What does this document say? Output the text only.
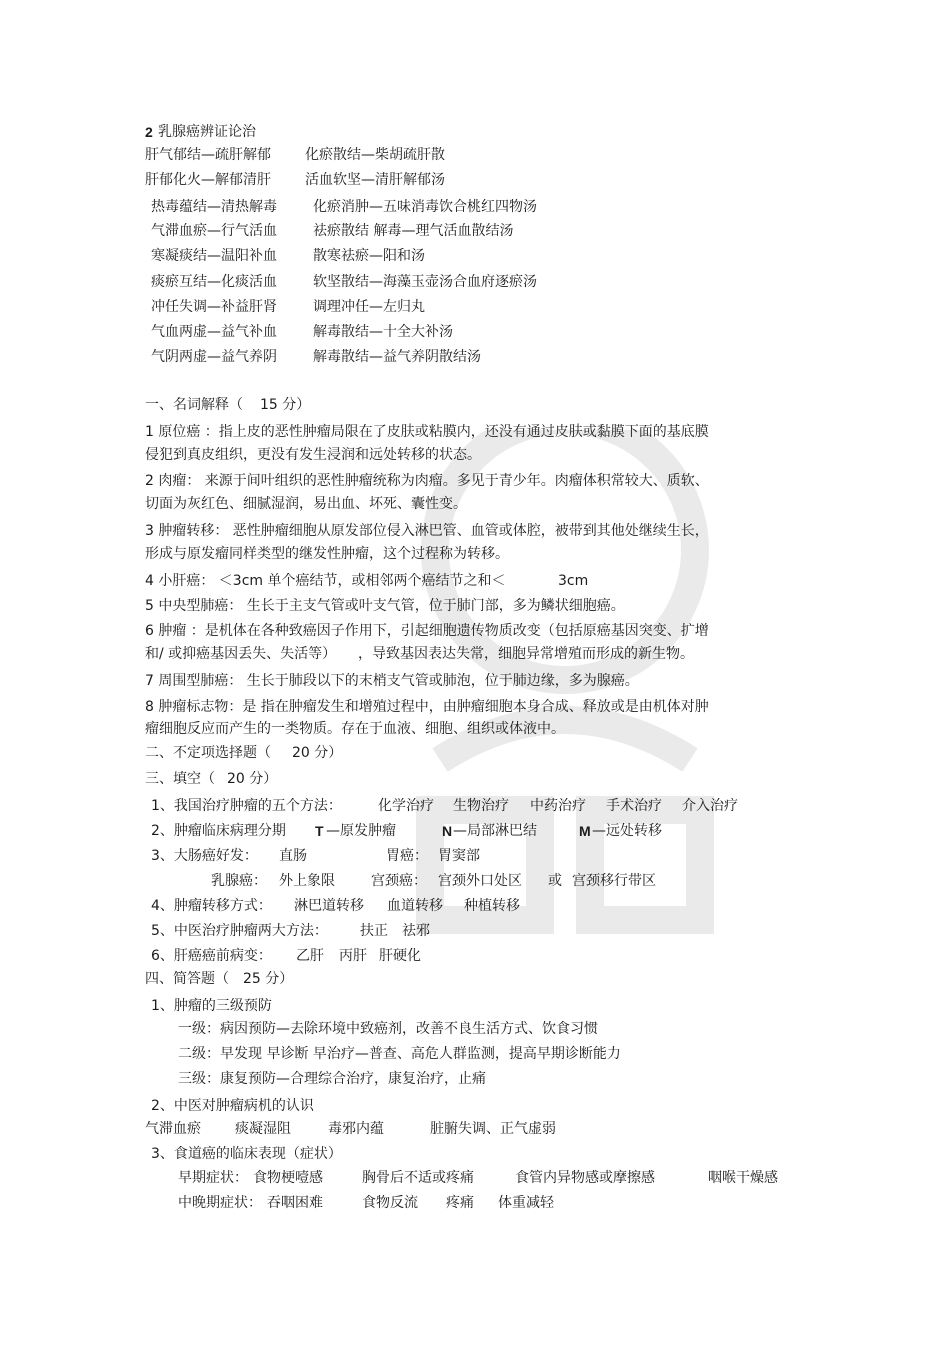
2 乳腺癌辨证论治
肝气郁结—疏肝解郁 化瘀散结—柴胡疏肝散
肝郁化火—解郁清肝 活血软坚—清肝解郁汤
热毒蕴结—清热解毒	化瘀消肿—五味消毒饮合桃红四物汤
气滞血瘀—行气活血	祛瘀散结 解毒—理气活血散结汤
寒凝痰结—温阳补血	散寒祛瘀—阳和汤
痰瘀互结—化痰活血	软坚散结—海藻玉壶汤合血府逐瘀汤
冲任失调—补益肝肾	调理冲任—左归丸
气血两虚—益气补血	解毒散结—十全大补汤
气阴两虚—益气养阴	解毒散结—益气养阴散结汤
一、名词解释（ 15 分）
1 原位癌 ：指上皮的恶性肿瘤局限在了皮肤或粘膜内，还没有通过皮肤或黏膜下面的基底膜
侵犯到真皮组织，更没有发生浸润和远处转移的状态。
2 肉瘤： 来源于间叶组织的恶性肿瘤统称为肉瘤。多见于青少年。肉瘤体积常较大、质软、
切面为灰红色、细腻湿润，易出血、坏死、囊性变。
3 肿瘤转移： 恶性肿瘤细胞从原发部位侵入淋巴管、血管或体腔，被带到其他处继续生长，
形成与原发瘤同样类型的继发性肿瘤，这个过程称为转移。
4 小肝癌： ＜3cm 单个癌结节，或相邻两个癌结节之和＜	3cm
5 中央型肺癌： 生长于主支气管或叶支气管，位于肺门部，多为鳞状细胞癌。
6 肿瘤 ：是机体在各种致癌因子作用下，引起细胞遗传物质改变（包括原癌基因突变、扩增
和/ 或抑癌基因丢失、失活等） ，导致基因表达失常，细胞异常增殖而形成的新生物。
7 周围型肺癌： 生长于肺段以下的末梢支气管或肺泡，位于肺边缘，多为腺癌。
8 肿瘤标志物：是 指在肿瘤发生和增殖过程中，由肿瘤细胞本身合成、释放或是由机体对肿
瘤细胞反应而产生的一类物质。存在于血液、细胞、组织或体液中。
二、不定项选择题（ 20 分）
三、填空（ 20 分）
1、我国治疗肿瘤的五个方法：	化学治疗 生物治疗 中药治疗 手术治疗 介入治疗
2、肿瘤临床病理分期 T —原发肿瘤	N —局部淋巴结	M —远处转移
3、大肠癌好发： 直肠	胃癌： 胃窦部
乳腺癌： 外上象限	宫颈癌： 宫颈外口处区 或 宫颈移行带区
4、肿瘤转移方式： 淋巴道转移 血道转移 种植转移
5、中医治疗肿瘤两大方法： 扶正 祛邪
6、肝癌癌前病变： 乙肝 丙肝 肝硬化
四、简答题（ 25 分）
1、肿瘤的三级预防
一级：病因预防—去除环境中致癌剂，改善不良生活方式、饮食习惯
二级：早发现 早诊断 早治疗—普查、高危人群监测，提高早期诊断能力
三级：康复预防—合理综合治疗，康复治疗，止痛
2、中医对肿瘤病机的认识
气滞血瘀 痰凝湿阻	毒邪内蕴	脏腑失调、正气虚弱
3、食道癌的临床表现（症状）
早期症状： 食物梗噎感	胸骨后不适或疼痛	食管内异物感或摩擦感	咽喉干燥感
中晚期症状： 吞咽困难	食物反流 疼痛 体重减轻
